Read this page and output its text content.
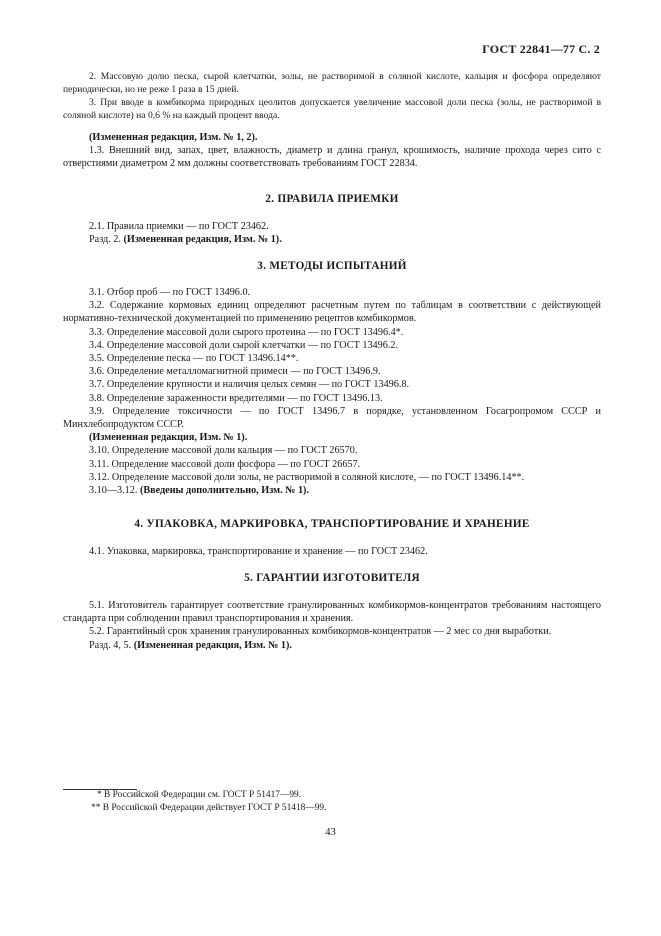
ГОСТ 22841—77 С. 2

2. Массовую долю песка, сырой клетчатки, золы, не растворимой в соляной кислоте, кальция и фосфора определяют периодически, но не реже 1 раза в 15 дней.

3. При вводе в комбикорма природных цеолитов допускается увеличение массовой доли песка (золы, не растворимой в соляной кислоте) на 0,6 % на каждый процент ввода.

(Измененная редакция, Изм. № 1, 2).

1.3. Внешний вид, запах, цвет, влажность, диаметр и длина гранул, крошимость, наличие прохода через сито с отверстиями диаметром 2 мм должны соответствовать требованиям ГОСТ 22834.

2. ПРАВИЛА ПРИЕМКИ

2.1. Правила приемки — по ГОСТ 23462.

Разд. 2. (Измененная редакция, Изм. № 1).

3. МЕТОДЫ ИСПЫТАНИЙ

3.1. Отбор проб — по ГОСТ 13496.0.

3.2. Содержание кормовых единиц определяют расчетным путем по таблицам в соответствии с действующей нормативно-технической документацией по применению рецептов комбикормов.

3.3. Определение массовой доли сырого протеина — по ГОСТ 13496.4*.

3.4. Определение массовой доли сырой клетчатки — по ГОСТ 13496.2.

3.5. Определение песка — по ГОСТ 13496.14**.

3.6. Определение металломагнитной примеси — по ГОСТ 13496.9.

3.7. Определение крупности и наличия целых семян — по ГОСТ 13496.8.

3.8. Определение зараженности вредителями — по ГОСТ 13496.13.

3.9. Определение токсичности — по ГОСТ 13496.7 в порядке, установленном Госагропромом СССР и Минхлебопродуктом СССР.

(Измененная редакция, Изм. № 1).

3.10. Определение массовой доли кальция — по ГОСТ 26570.

3.11. Определение массовой доли фосфора — по ГОСТ 26657.

3.12. Определение массовой доли золы, не растворимой в соляной кислоте, — по ГОСТ 13496.14**.

3.10—3.12. (Введены дополнительно, Изм. № 1).

4. УПАКОВКА, МАРКИРОВКА, ТРАНСПОРТИРОВАНИЕ И ХРАНЕНИЕ

4.1. Упаковка, маркировка, транспортирование и хранение — по ГОСТ 23462.

5. ГАРАНТИИ ИЗГОТОВИТЕЛЯ

5.1. Изготовитель гарантирует соответствие гранулированных комбикормов-концентратов требованиям настоящего стандарта при соблюдении правил транспортирования и хранения.

5.2. Гарантийный срок хранения гранулированных комбикормов-концентратов — 2 мес со дня выработки.

Разд. 4, 5. (Измененная редакция, Изм. № 1).

* В Российской Федерации см. ГОСТ Р 51417—99.

** В Российской Федерации действует ГОСТ Р 51418—99.

43
